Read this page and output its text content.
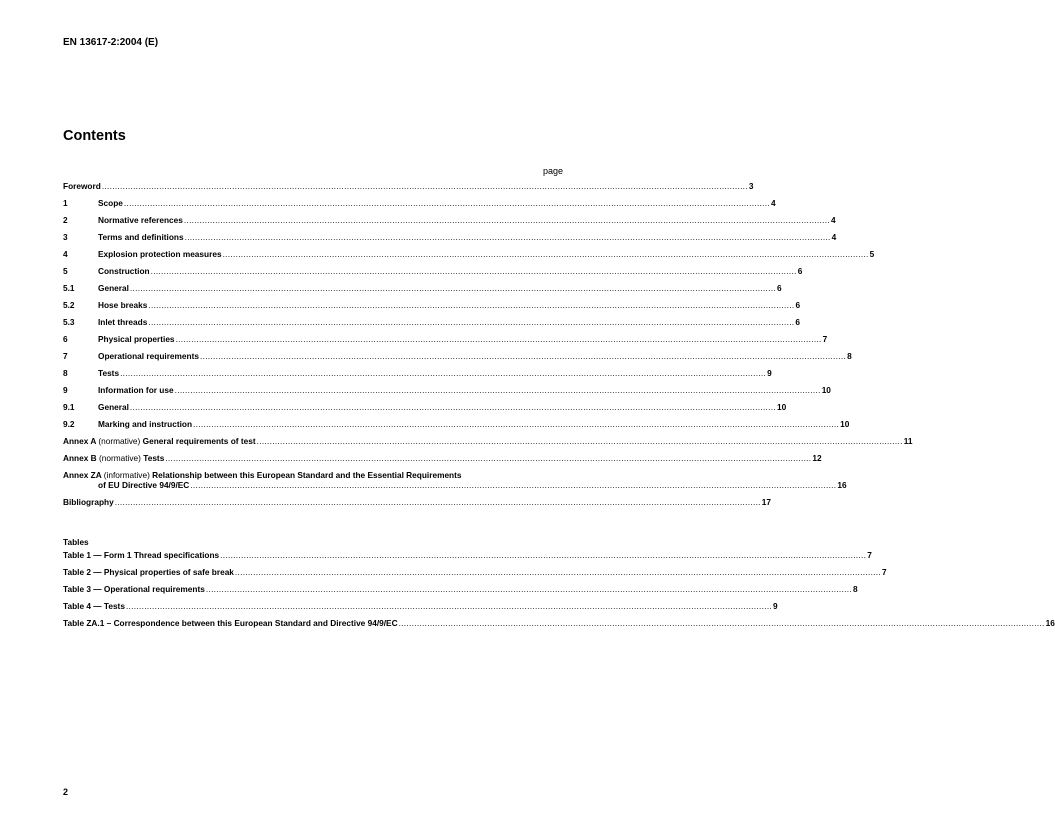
EN 13617-2:2004 (E)
Contents
page
Foreword .....	3
1	Scope .....	4
2	Normative references .....	4
3	Terms and definitions .....	4
4	Explosion protection measures .....	5
5	Construction .....	6
5.1	General .....	6
5.2	Hose breaks .....	6
5.3	Inlet threads .....	6
6	Physical properties .....	7
7	Operational requirements .....	8
8	Tests .....	9
9	Information for use .....	10
9.1	General .....	10
9.2	Marking and instruction .....	10
Annex A (normative) General requirements of test .....	11
Annex B (normative) Tests .....	12
Annex ZA (informative) Relationship between this European Standard and the Essential Requirements
of EU Directive 94/9/EC .....	16
Bibliography .....	17
Tables
Table 1 — Form 1 Thread specifications .....	7
Table 2 — Physical properties of safe break .....	7
Table 3 — Operational requirements .....	8
Table 4 — Tests .....	9
Table ZA.1 – Correspondence between this European Standard and Directive 94/9/EC .....	16
2
